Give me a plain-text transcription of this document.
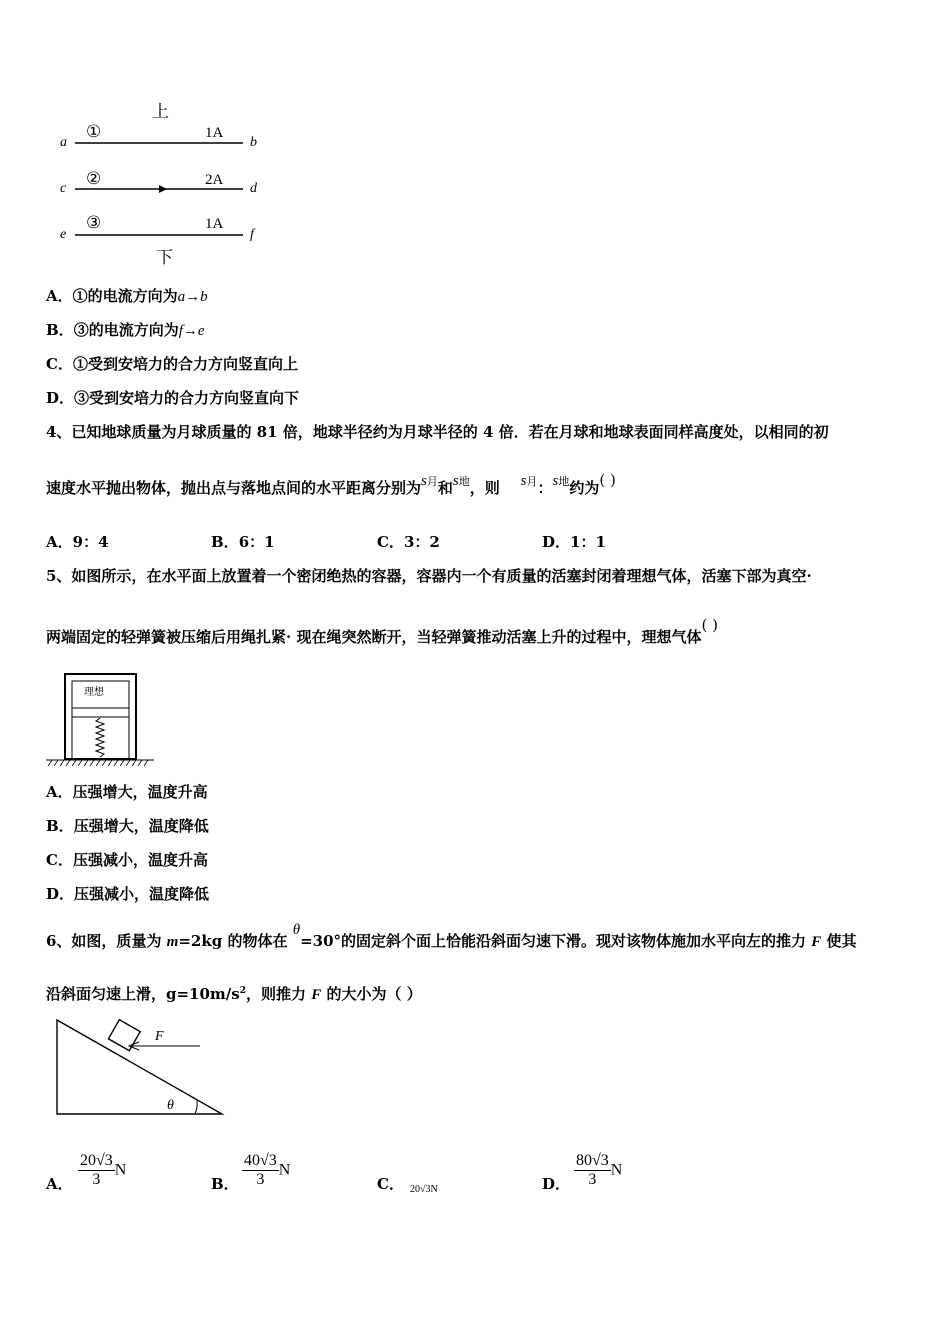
上
a
①	1A
b
c
②	2A
d
e
③	1A
f
下
A．①的电流方向为a→b
B．③的电流方向为f→e
C．①受到安培力的合力方向竖直向上
D．③受到安培力的合力方向竖直向下
4、已知地球质量为月球质量的 81 倍，地球半径约为月球半径的 4 倍．若在月球和地球表面同样高度处，以相同的初
速度水平抛出物体，抛出点与落地点间的水平距离分别为s月和s地，则 s月：s地约为( )
A．9：4	B．6：1	C．3：2	D．1：1
5、如图所示，在水平面上放置着一个密闭绝热的容器，容器内一个有质量的活塞封闭着理想气体，活塞下部为真空·
两端固定的轻弹簧被压缩后用绳扎紧· 现在绳突然断开，当轻弹簧推动活塞上升的过程中，理想气体( )
理想
A．压强增大，温度升高
B．压强增大，温度降低
C．压强减小，温度升高
D．压强减小，温度降低
6、如图，质量为 m=2kg 的物体在 θ=30°的固定斜个面上恰能沿斜面匀速下滑。现对该物体施加水平向左的推力 F 使其
沿斜面匀速上滑，$g=10m/s^2$，则推力 F 的大小为（ ）
F
θ
A． $\frac{20√3}{3}$ N
B． $\frac{40√3}{3}$ N
C． 20√3N	D． $\frac{80√3}{3}$ N
